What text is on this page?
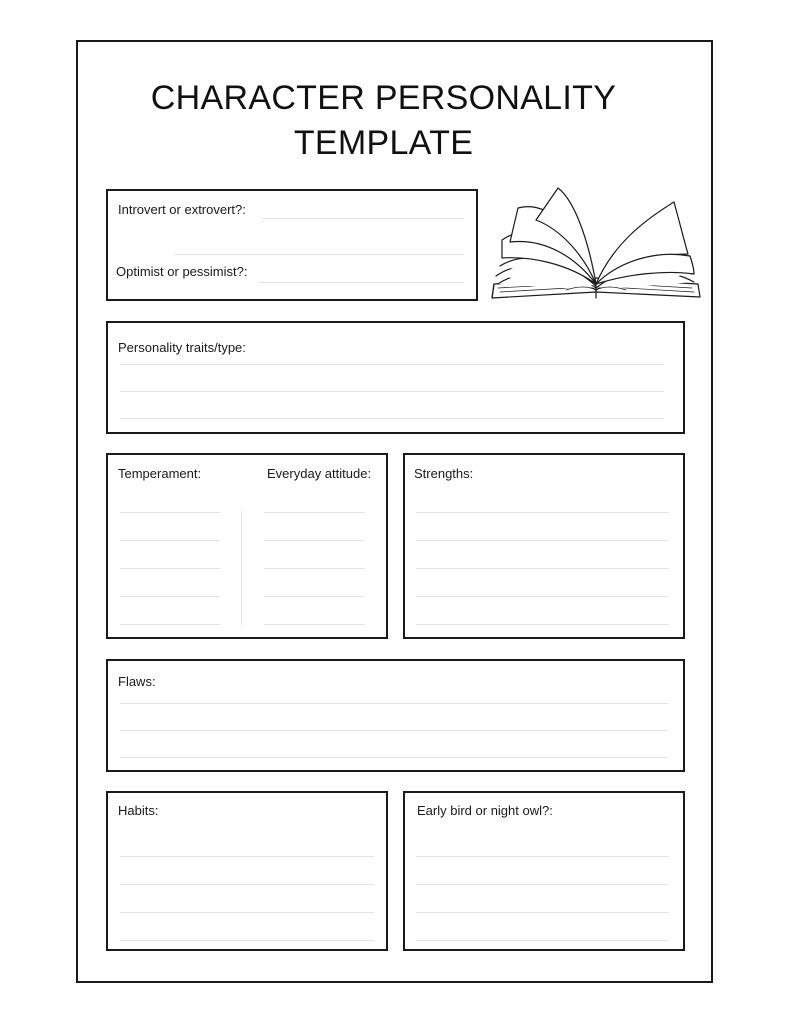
CHARACTER PERSONALITY
TEMPLATE
Introvert or extrovert?:
Optimist or pessimist?:
Personality traits/type:
Temperament:	Everyday attitude:	Strengths:
Flaws:
Habits:	Early bird or night owl?:
